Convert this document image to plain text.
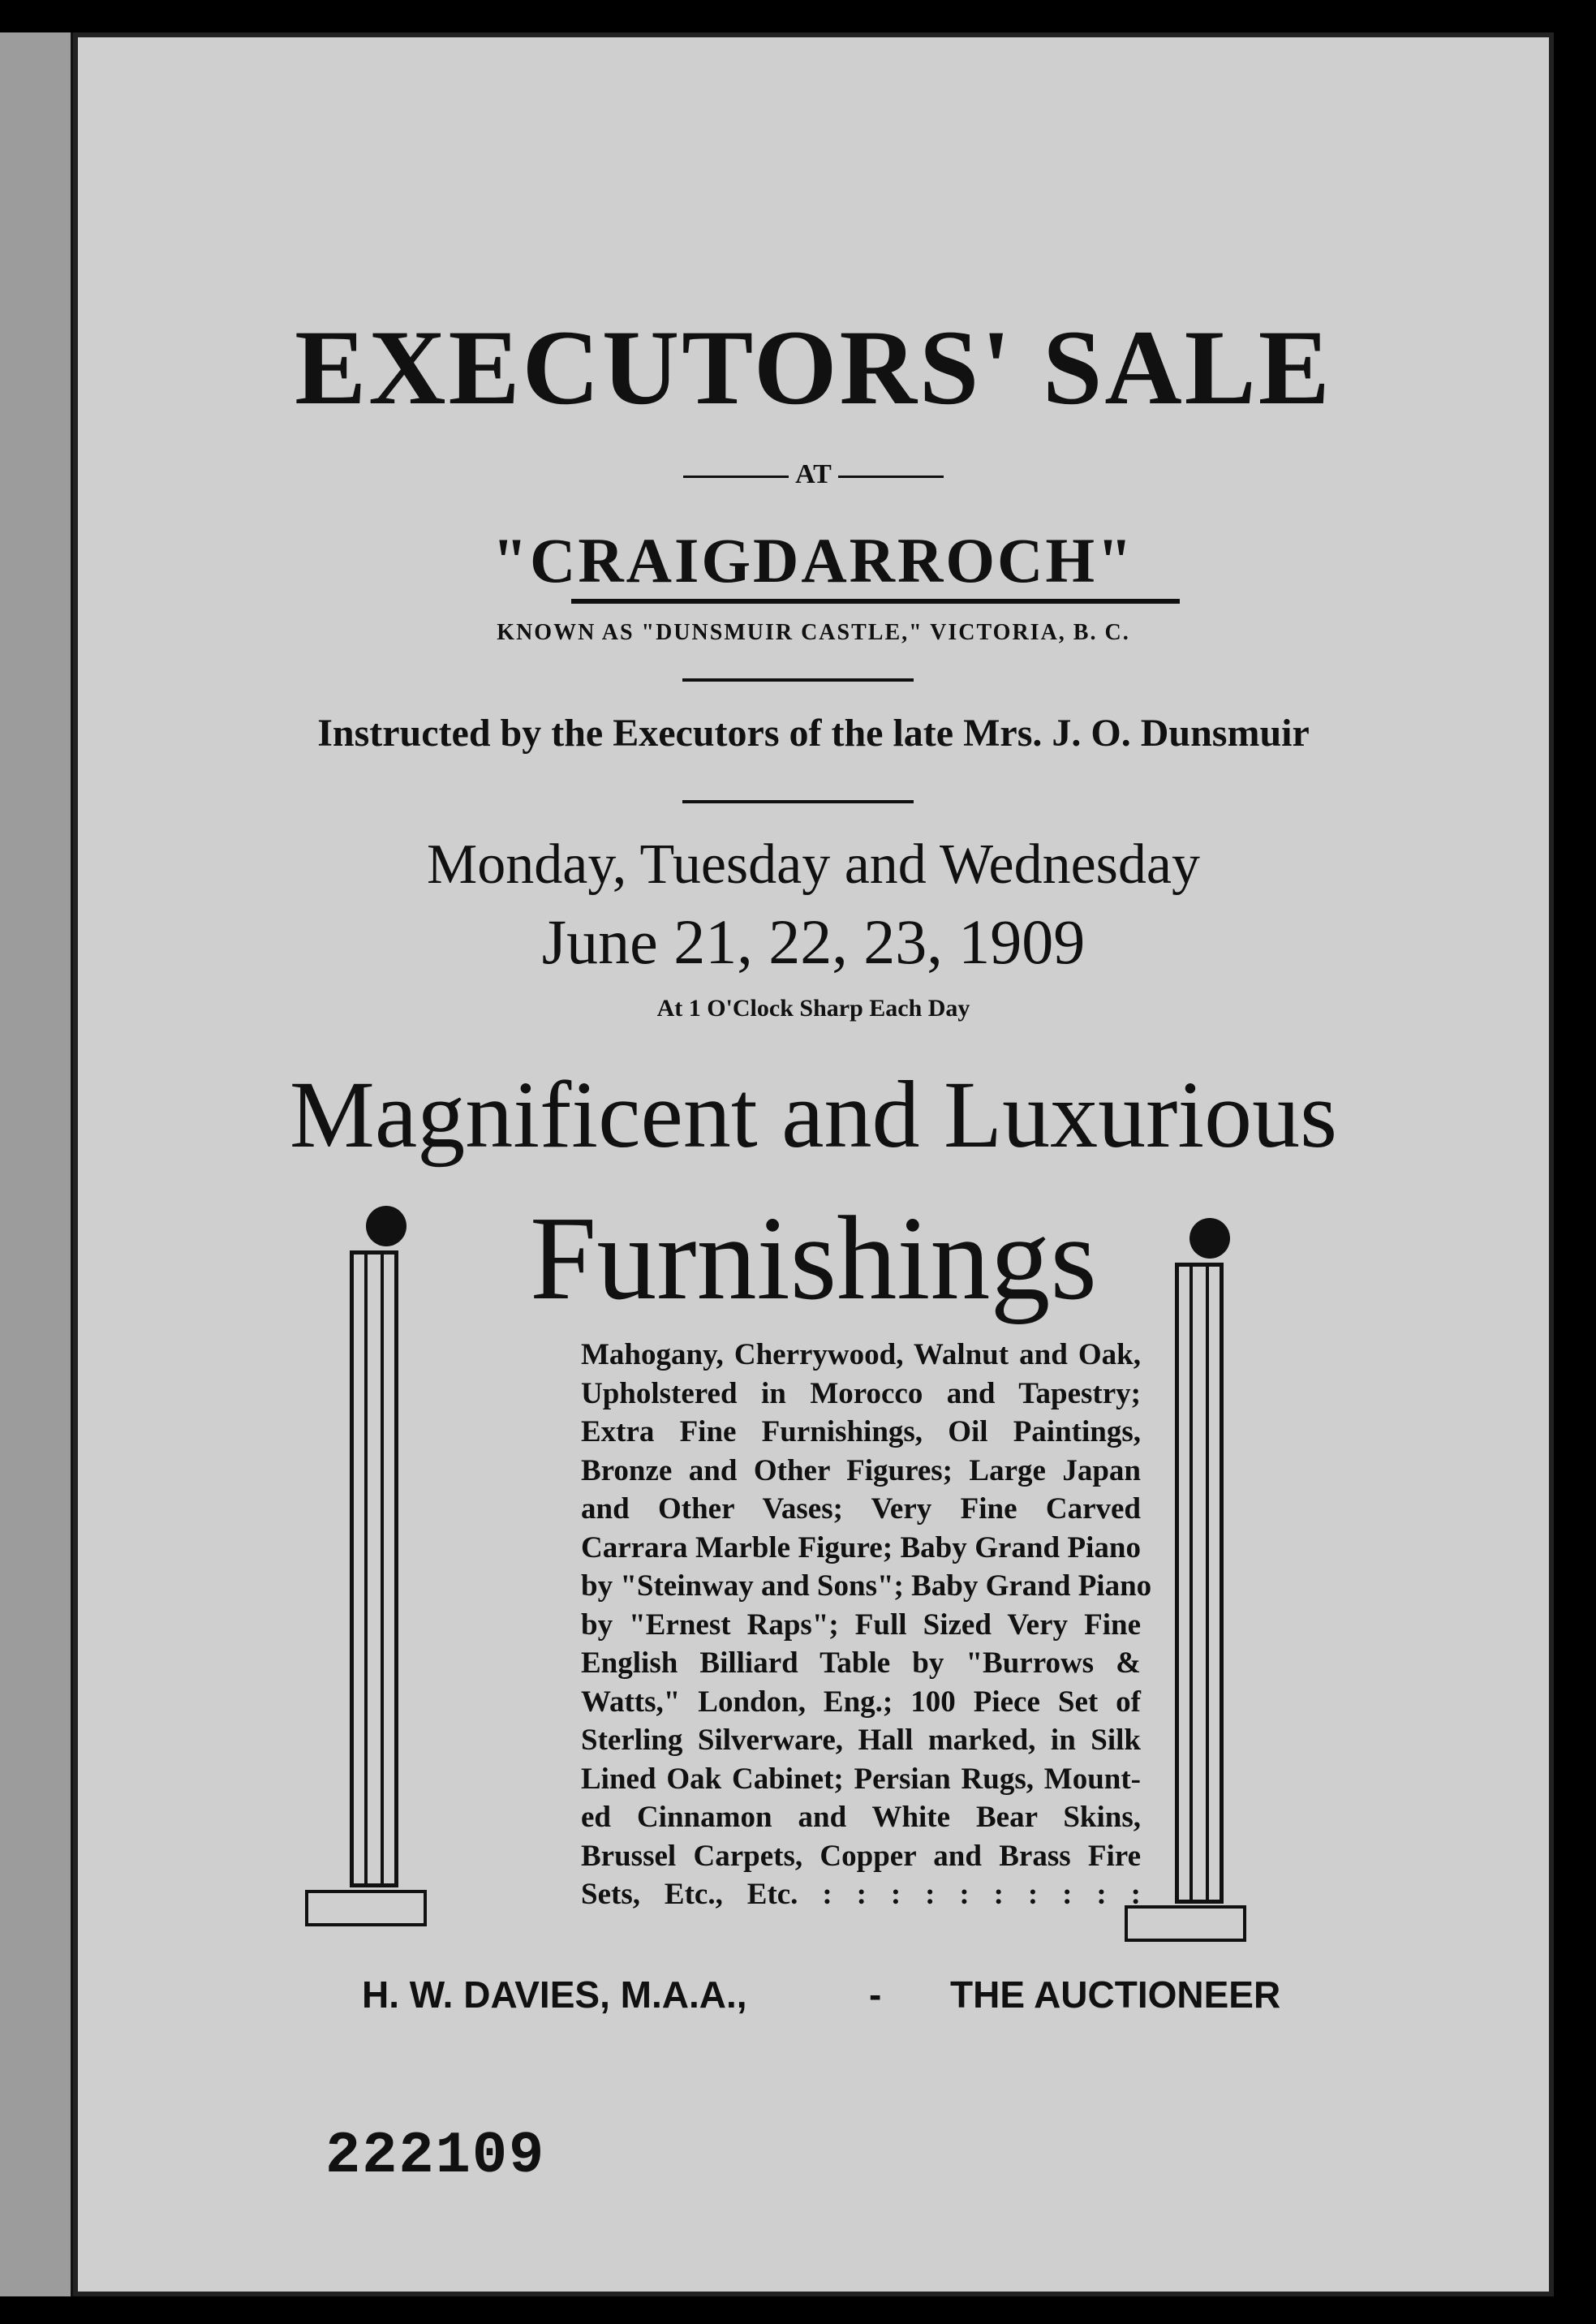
EXECUTORS' SALE
AT
"CRAIGDARROCH"
KNOWN AS "DUNSMUIR CASTLE," VICTORIA, B. C.
Instructed by the Executors of the late Mrs. J. O. Dunsmuir
Monday, Tuesday and Wednesday
June 21, 22, 23, 1909
At 1 O'Clock Sharp Each Day
Magnificent and Luxurious
Furnishings
Mahogany, Cherrywood, Walnut and Oak,
Upholstered in Morocco and Tapestry;
Extra Fine Furnishings, Oil Paintings,
Bronze and Other Figures; Large Japan
and Other Vases; Very Fine Carved
Carrara Marble Figure; Baby Grand Piano
by "Steinway and Sons"; Baby Grand Piano
by "Ernest Raps"; Full Sized Very Fine
English Billiard Table by "Burrows &
Watts," London, Eng.; 100 Piece Set of
Sterling Silverware, Hall marked, in Silk
Lined Oak Cabinet; Persian Rugs, Mount-
ed Cinnamon and White Bear Skins,
Brussel Carpets, Copper and Brass Fire
Sets, Etc., Etc. : : : : : : : : : :
H. W. DAVIES, M.A.A.,	- THE AUCTIONEER
222109
